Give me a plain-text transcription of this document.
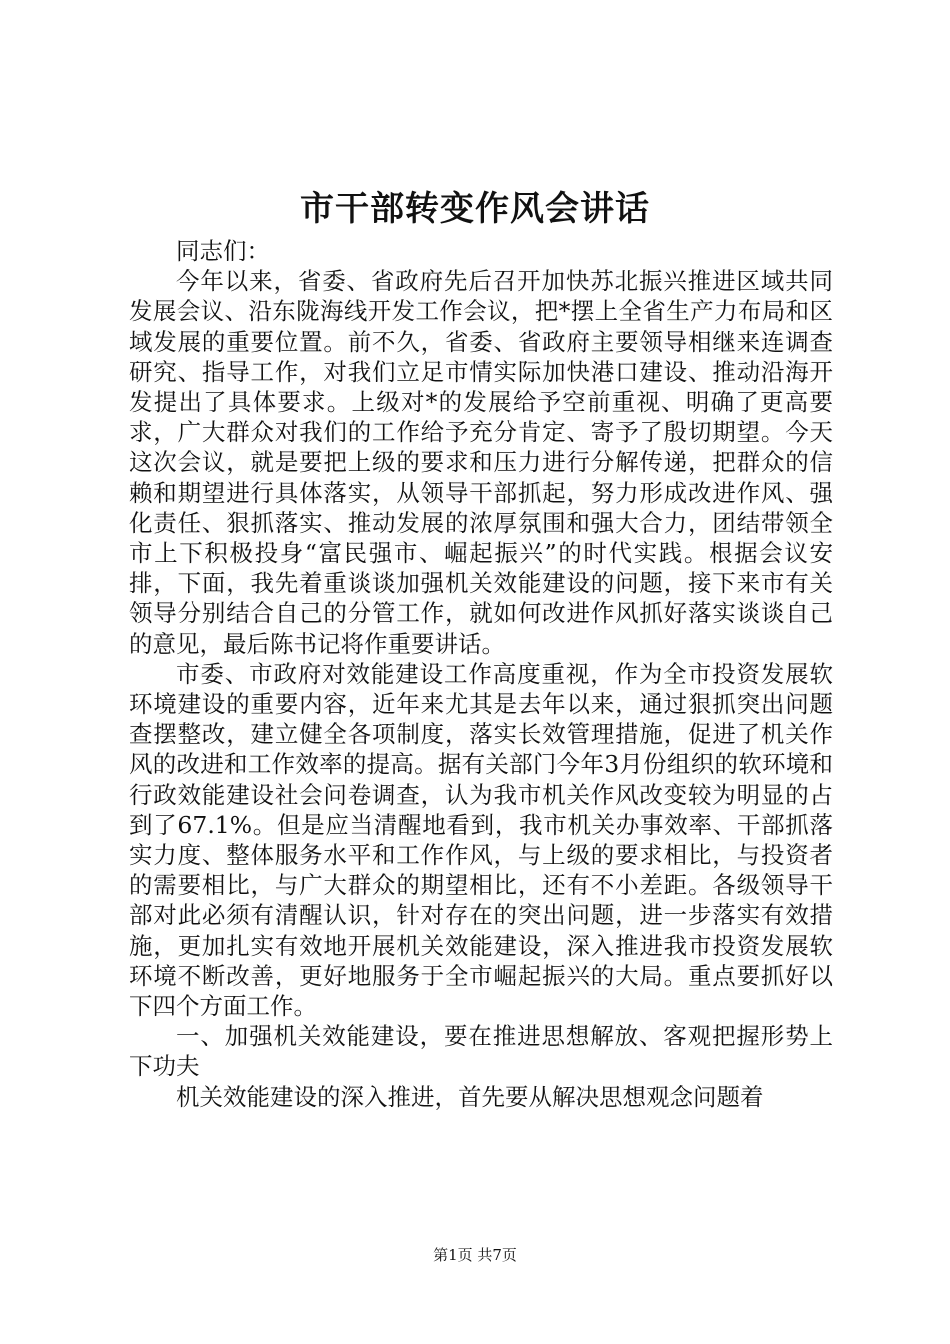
市干部转变作风会讲话

同志们：

今年以来，省委、省政府先后召开加快苏北振兴推进区域共同发展会议、沿东陇海线开发工作会议，把*摆上全省生产力布局和区域发展的重要位置。前不久，省委、省政府主要领导相继来连调查研究、指导工作，对我们立足市情实际加快港口建设、推动沿海开发提出了具体要求。上级对*的发展给予空前重视、明确了更高要求，广大群众对我们的工作给予充分肯定、寄予了殷切期望。今天这次会议，就是要把上级的要求和压力进行分解传递，把群众的信赖和期望进行具体落实，从领导干部抓起，努力形成改进作风、强化责任、狠抓落实、推动发展的浓厚氛围和强大合力，团结带领全市上下积极投身“富民强市、崛起振兴”的时代实践。根据会议安排，下面，我先着重谈谈加强机关效能建设的问题，接下来市有关领导分别结合自己的分管工作，就如何改进作风抓好落实谈谈自己的意见，最后陈书记将作重要讲话。

市委、市政府对效能建设工作高度重视，作为全市投资发展软环境建设的重要内容，近年来尤其是去年以来，通过狠抓突出问题查摆整改，建立健全各项制度，落实长效管理措施，促进了机关作风的改进和工作效率的提高。据有关部门今年3月份组织的软环境和行政效能建设社会问卷调查，认为我市机关作风改变较为明显的占到了67.1%。但是应当清醒地看到，我市机关办事效率、干部抓落实力度、整体服务水平和工作作风，与上级的要求相比，与投资者的需要相比，与广大群众的期望相比，还有不小差距。各级领导干部对此必须有清醒认识，针对存在的突出问题，进一步落实有效措施，更加扎实有效地开展机关效能建设，深入推进我市投资发展软环境不断改善，更好地服务于全市崛起振兴的大局。重点要抓好以下四个方面工作。

一、加强机关效能建设，要在推进思想解放、客观把握形势上下功夫

机关效能建设的深入推进，首先要从解决思想观念问题着

第1页 共7页
